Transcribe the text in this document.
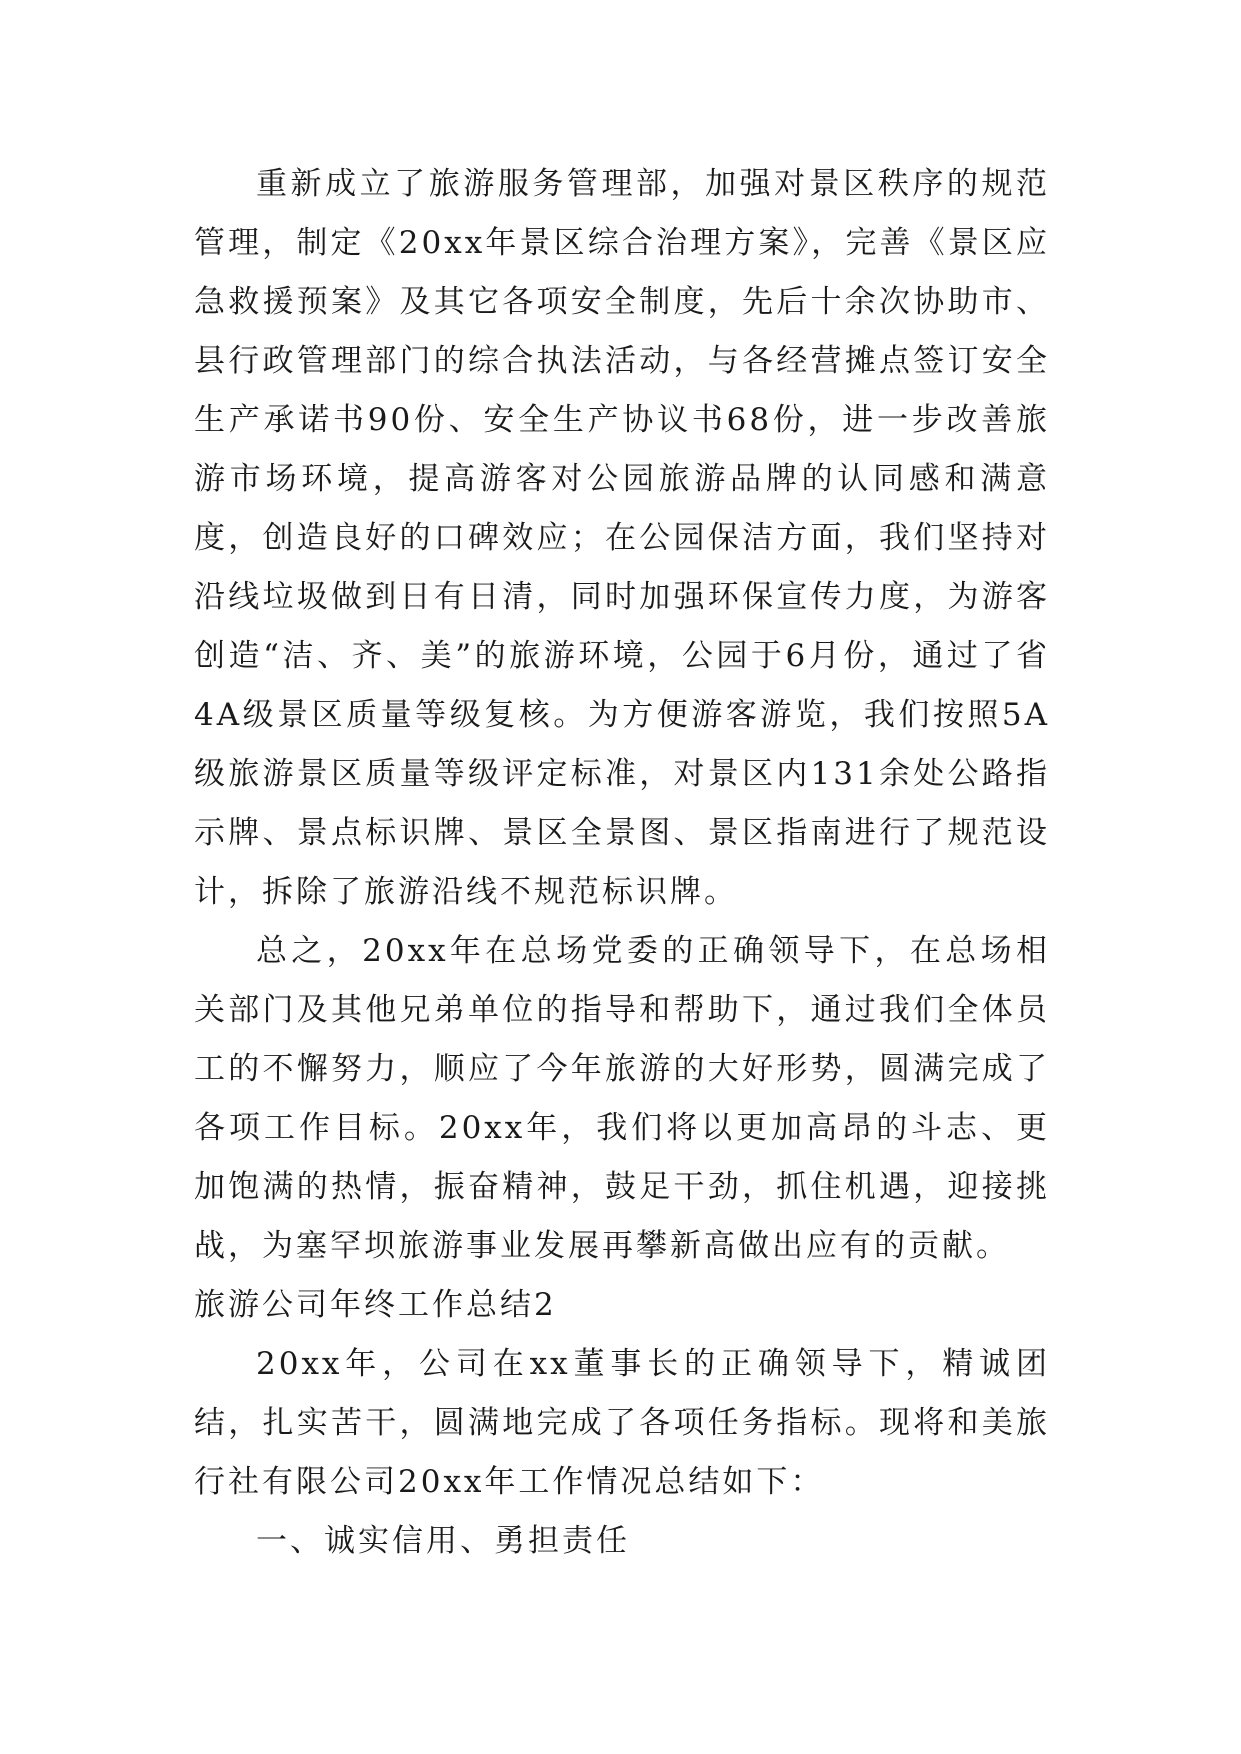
重新成立了旅游服务管理部，加强对景区秩序的规范管理，制定《20xx年景区综合治理方案》，完善《景区应急救援预案》及其它各项安全制度，先后十余次协助市、县行政管理部门的综合执法活动，与各经营摊点签订安全生产承诺书90份、安全生产协议书68份，进一步改善旅游市场环境，提高游客对公园旅游品牌的认同感和满意度，创造良好的口碑效应；在公园保洁方面，我们坚持对沿线垃圾做到日有日清，同时加强环保宣传力度，为游客创造“洁、齐、美”的旅游环境，公园于6月份，通过了省4A级景区质量等级复核。为方便游客游览，我们按照5A级旅游景区质量等级评定标准，对景区内131余处公路指示牌、景点标识牌、景区全景图、景区指南进行了规范设计，拆除了旅游沿线不规范标识牌。

总之，20xx年在总场党委的正确领导下，在总场相关部门及其他兄弟单位的指导和帮助下，通过我们全体员工的不懈努力，顺应了今年旅游的大好形势，圆满完成了各项工作目标。20xx年，我们将以更加高昂的斗志、更加饱满的热情，振奋精神，鼓足干劲，抓住机遇，迎接挑战，为塞罕坝旅游事业发展再攀新高做出应有的贡献。

旅游公司年终工作总结2

20xx年，公司在xx董事长的正确领导下，精诚团结，扎实苦干，圆满地完成了各项任务指标。现将和美旅行社有限公司20xx年工作情况总结如下：

一、诚实信用、勇担责任
